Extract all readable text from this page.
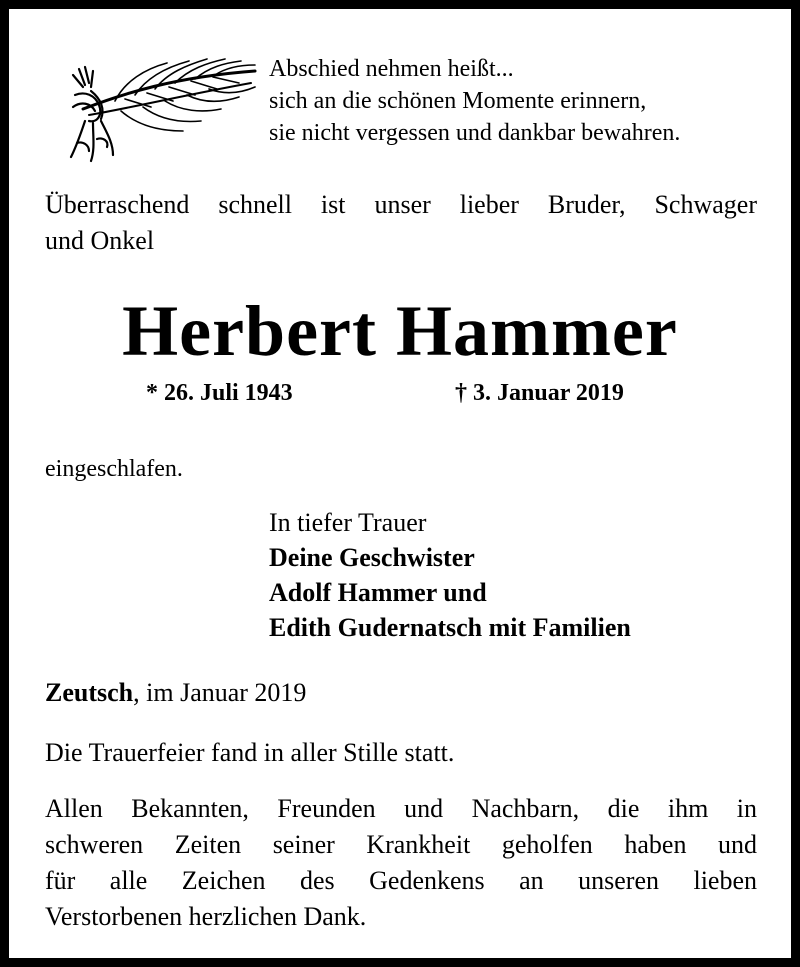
Abschied nehmen heißt...
sich an die schönen Momente erinnern,
sie nicht vergessen und dankbar bewahren.
Überraschend schnell ist unser lieber Bruder, Schwager
und Onkel
Herbert Hammer
* 26. Juli 1943	† 3. Januar 2019
eingeschlafen.
In tiefer Trauer
Deine Geschwister
Adolf Hammer und
Edith Gudernatsch mit Familien
Zeutsch, im Januar 2019
Die Trauerfeier fand in aller Stille statt.
Allen Bekannten, Freunden und Nachbarn, die ihm in
schweren Zeiten seiner Krankheit geholfen haben und
für alle Zeichen des Gedenkens an unseren lieben
Verstorbenen herzlichen Dank.
